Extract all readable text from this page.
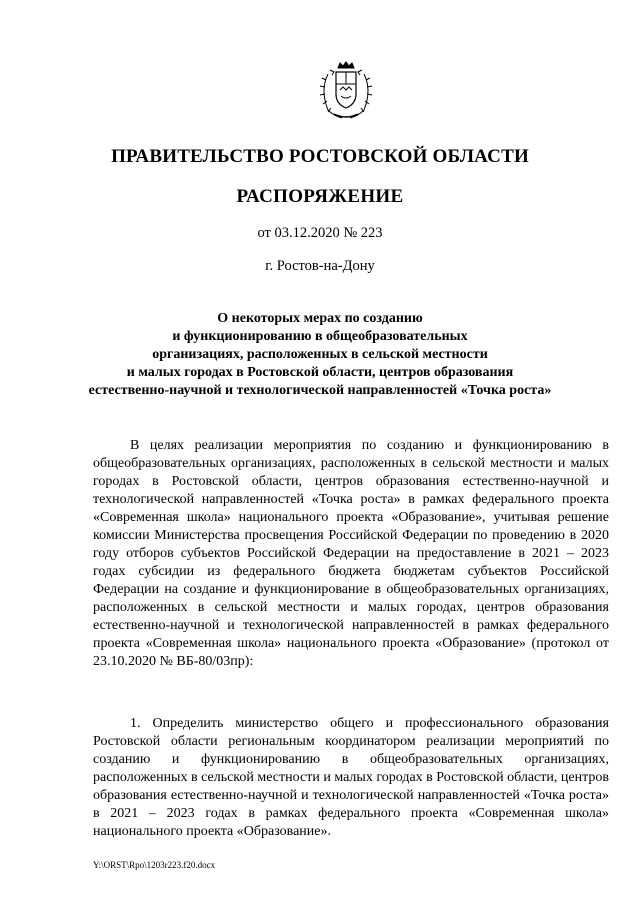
ПРАВИТЕЛЬСТВО РОСТОВСКОЙ ОБЛАСТИ
РАСПОРЯЖЕНИЕ
от 03.12.2020 № 223
г. Ростов-на-Дону
О некоторых мерах по созданию
и функционированию в общеобразовательных
организациях, расположенных в сельской местности
и малых городах в Ростовской области, центров образования
естественно-научной и технологической направленностей «Точка роста»

В целях реализации мероприятия по созданию и функционированию в общеобразовательных организациях, расположенных в сельской местности и малых городах в Ростовской области, центров образования естественно-научной и технологической направленностей «Точка роста» в рамках федерального проекта «Современная школа» национального проекта «Образование», учитывая решение комиссии Министерства просвещения Российской Федерации по проведению в 2020 году отборов субъектов Российской Федерации на предоставление в 2021 – 2023 годах субсидии из федерального бюджета бюджетам субъектов Российской Федерации на создание и функционирование в общеобразовательных организациях, расположенных в сельской местности и малых городах, центров образования естественно-научной и технологической направленностей в рамках федерального проекта «Современная школа» национального проекта «Образование» (протокол от 23.10.2020 № ВБ-80/03пр):

1. Определить министерство общего и профессионального образования Ростовской области региональным координатором реализации мероприятий по созданию и функционированию в общеобразовательных организациях, расположенных в сельской местности и малых городах в Ростовской области, центров образования естественно-научной и технологической направленностей «Точка роста» в 2021 – 2023 годах в рамках федерального проекта «Современная школа» национального проекта «Образование».

Y:\ORST\Rpo\1203r223.f20.docx
